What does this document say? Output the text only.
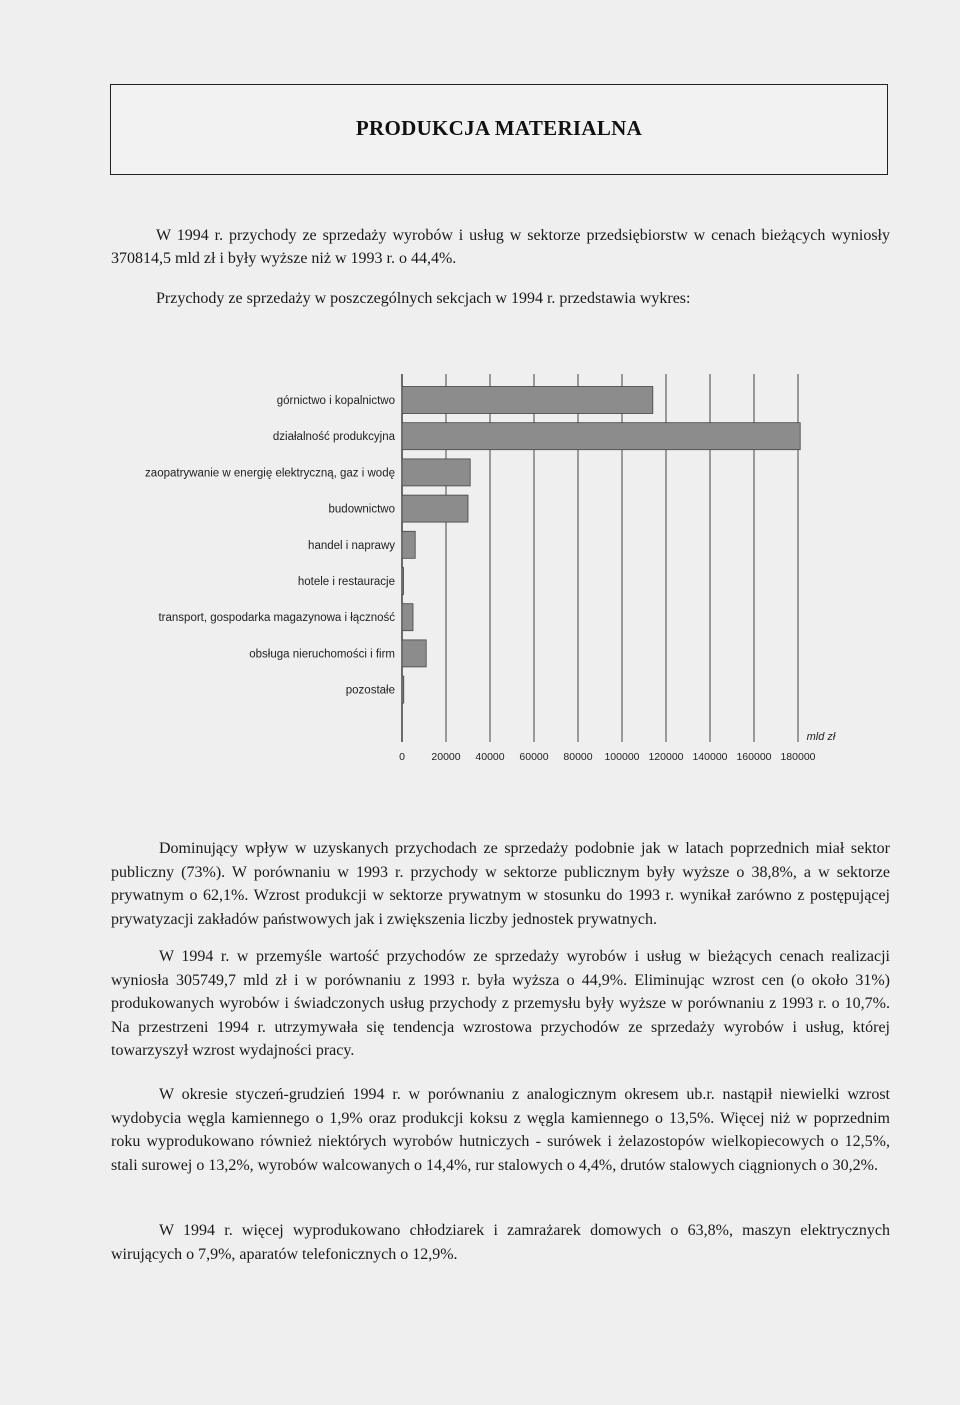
PRODUKCJA MATERIALNA

W 1994 r. przychody ze sprzedaży wyrobów i usług w sektorze przedsiębiorstw w cenach bieżących wyniosły 370814,5 mld zł i były wyższe niż w 1993 r. o 44,4%.

Przychody ze sprzedaży w poszczególnych sekcjach w 1994 r. przedstawia wykres:

górnictwo i kopalnictwo
działalność produkcyjna
zaopatrywanie w energię elektryczną, gaz i wodę
budownictwo
handel i naprawy
hotele i restauracje
transport, gospodarka magazynowa i łączność
obsługa nieruchomości i firm
pozostałe
0	20000 40000 60000 80000 100000 120000 140000 160000 180000
mld zł

Dominujący wpływ w uzyskanych przychodach ze sprzedaży podobnie jak w latach poprzednich miał sektor publiczny (73%). W porównaniu w 1993 r. przychody w sektorze publicznym były wyższe o 38,8%, a w sektorze prywatnym o 62,1%. Wzrost produkcji w sektorze prywatnym w stosunku do 1993 r. wynikał zarówno z postępującej prywatyzacji zakładów państwowych jak i zwiększenia liczby jednostek prywatnych.

W 1994 r. w przemyśle wartość przychodów ze sprzedaży wyrobów i usług w bieżących cenach realizacji wyniosła 305749,7 mld zł i w porównaniu z 1993 r. była wyższa o 44,9%. Eliminując wzrost cen (o około 31%) produkowanych wyrobów i świadczonych usług przychody z przemysłu były wyższe w porównaniu z 1993 r. o 10,7%. Na przestrzeni 1994 r. utrzymywała się tendencja wzrostowa przychodów ze sprzedaży wyrobów i usług, której towarzyszył wzrost wydajności pracy.

W okresie styczeń-grudzień 1994 r. w porównaniu z analogicznym okresem ub.r. nastąpił niewielki wzrost wydobycia węgla kamiennego o 1,9% oraz produkcji koksu z węgla kamiennego o 13,5%. Więcej niż w poprzednim roku wyprodukowano również niektórych wyrobów hutniczych - surówek i żelazostopów wielkopiecowych o 12,5%, stali surowej o 13,2%, wyrobów walcowanych o 14,4%, rur stalowych o 4,4%, drutów stalowych ciągnionych o 30,2%.

W 1994 r. więcej wyprodukowano chłodziarek i zamrażarek domowych o 63,8%, maszyn elektrycznych wirujących o 7,9%, aparatów telefonicznych o 12,9%.
